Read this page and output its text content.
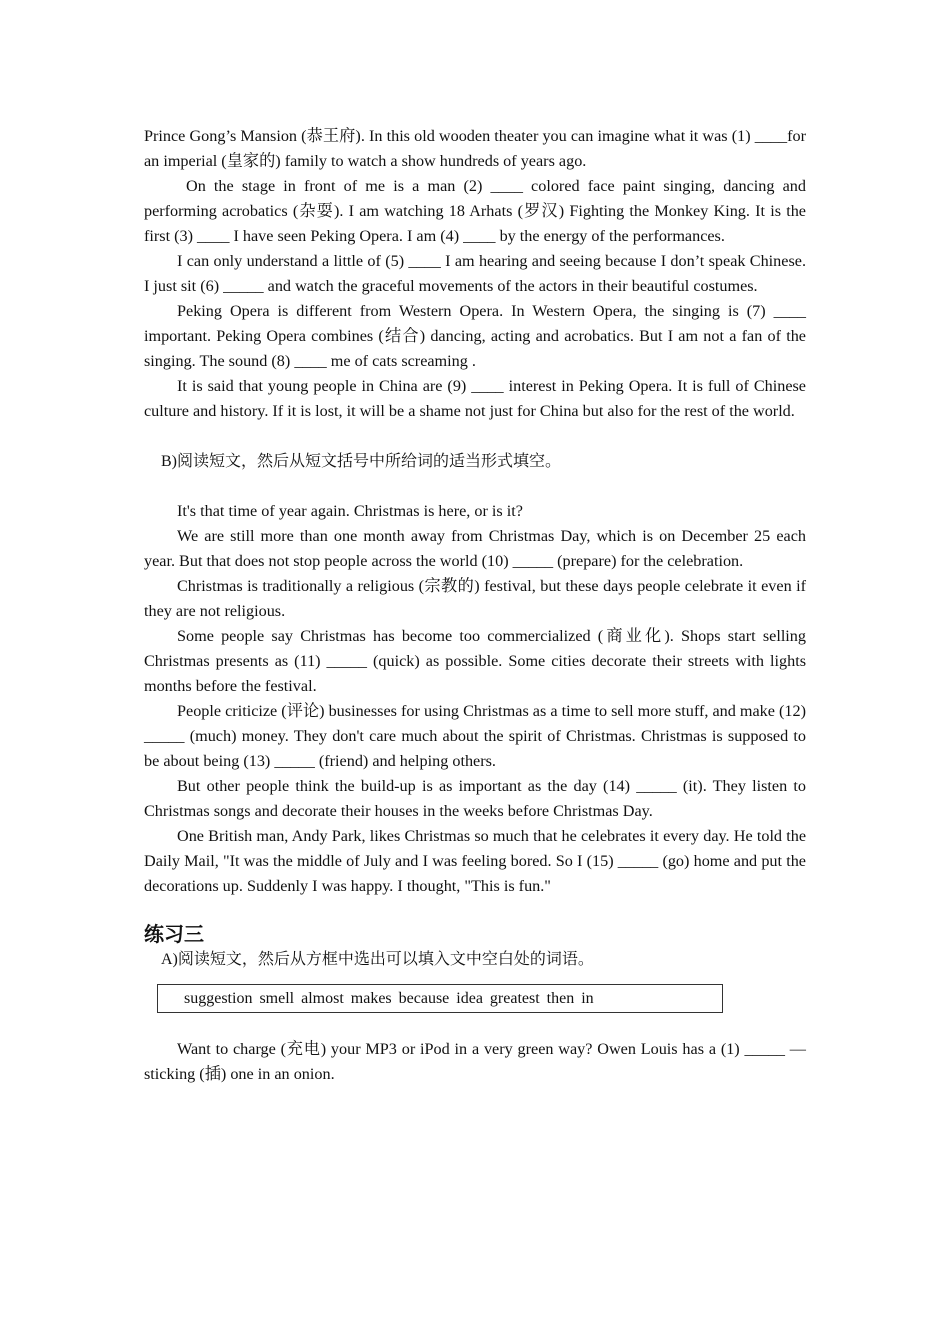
Prince Gong’s Mansion (恭王府). In this old wooden theater you can imagine what it was (1) ____for an imperial (皇家的) family to watch a show hundreds of years ago.

On the stage in front of me is a man (2) ____ colored face paint singing, dancing and performing acrobatics (杂耍). I am watching 18 Arhats (罗汉) Fighting the Monkey King. It is the first (3) ____ I have seen Peking Opera. I am (4) ____ by the energy of the performances.

I can only understand a little of (5) ____ I am hearing and seeing because I don’t speak Chinese. I just sit (6) _____ and watch the graceful movements of the actors in their beautiful costumes.

Peking Opera is different from Western Opera. In Western Opera, the singing is (7) ____ important. Peking Opera combines (结合) dancing, acting and acrobatics. But I am not a fan of the singing. The sound (8) ____ me of cats screaming .

It is said that young people in China are (9) ____ interest in Peking Opera. It is full of Chinese culture and history. If it is lost, it will be a shame not just for China but also for the rest of the world.

B)阅读短文，然后从短文括号中所给词的适当形式填空。

It's that time of year again. Christmas is here, or is it?

We are still more than one month away from Christmas Day, which is on December 25 each year. But that does not stop people across the world (10) _____ (prepare) for the celebration.

Christmas is traditionally a religious (宗教的) festival, but these days people celebrate it even if they are not religious.

Some people say Christmas has become too commercialized (商业化). Shops start selling Christmas presents as (11) _____ (quick) as possible. Some cities decorate their streets with lights months before the festival.

People criticize (评论) businesses for using Christmas as a time to sell more stuff, and make (12) _____ (much) money. They don't care much about the spirit of Christmas. Christmas is supposed to be about being (13) _____ (friend) and helping others.

But other people think the build-up is as important as the day (14) _____ (it). They listen to Christmas songs and decorate their houses in the weeks before Christmas Day.

One British man, Andy Park, likes Christmas so much that he celebrates it every day. He told the Daily Mail, "It was the middle of July and I was feeling bored. So I (15) _____ (go) home and put the decorations up. Suddenly I was happy. I thought, "This is fun."

练习三

A)阅读短文，然后从方框中选出可以填入文中空白处的词语。

suggestion smell almost makes because idea greatest then in

Want to charge (充电) your MP3 or iPod in a very green way? Owen Louis has a (1) _____ — sticking (插) one in an onion.
